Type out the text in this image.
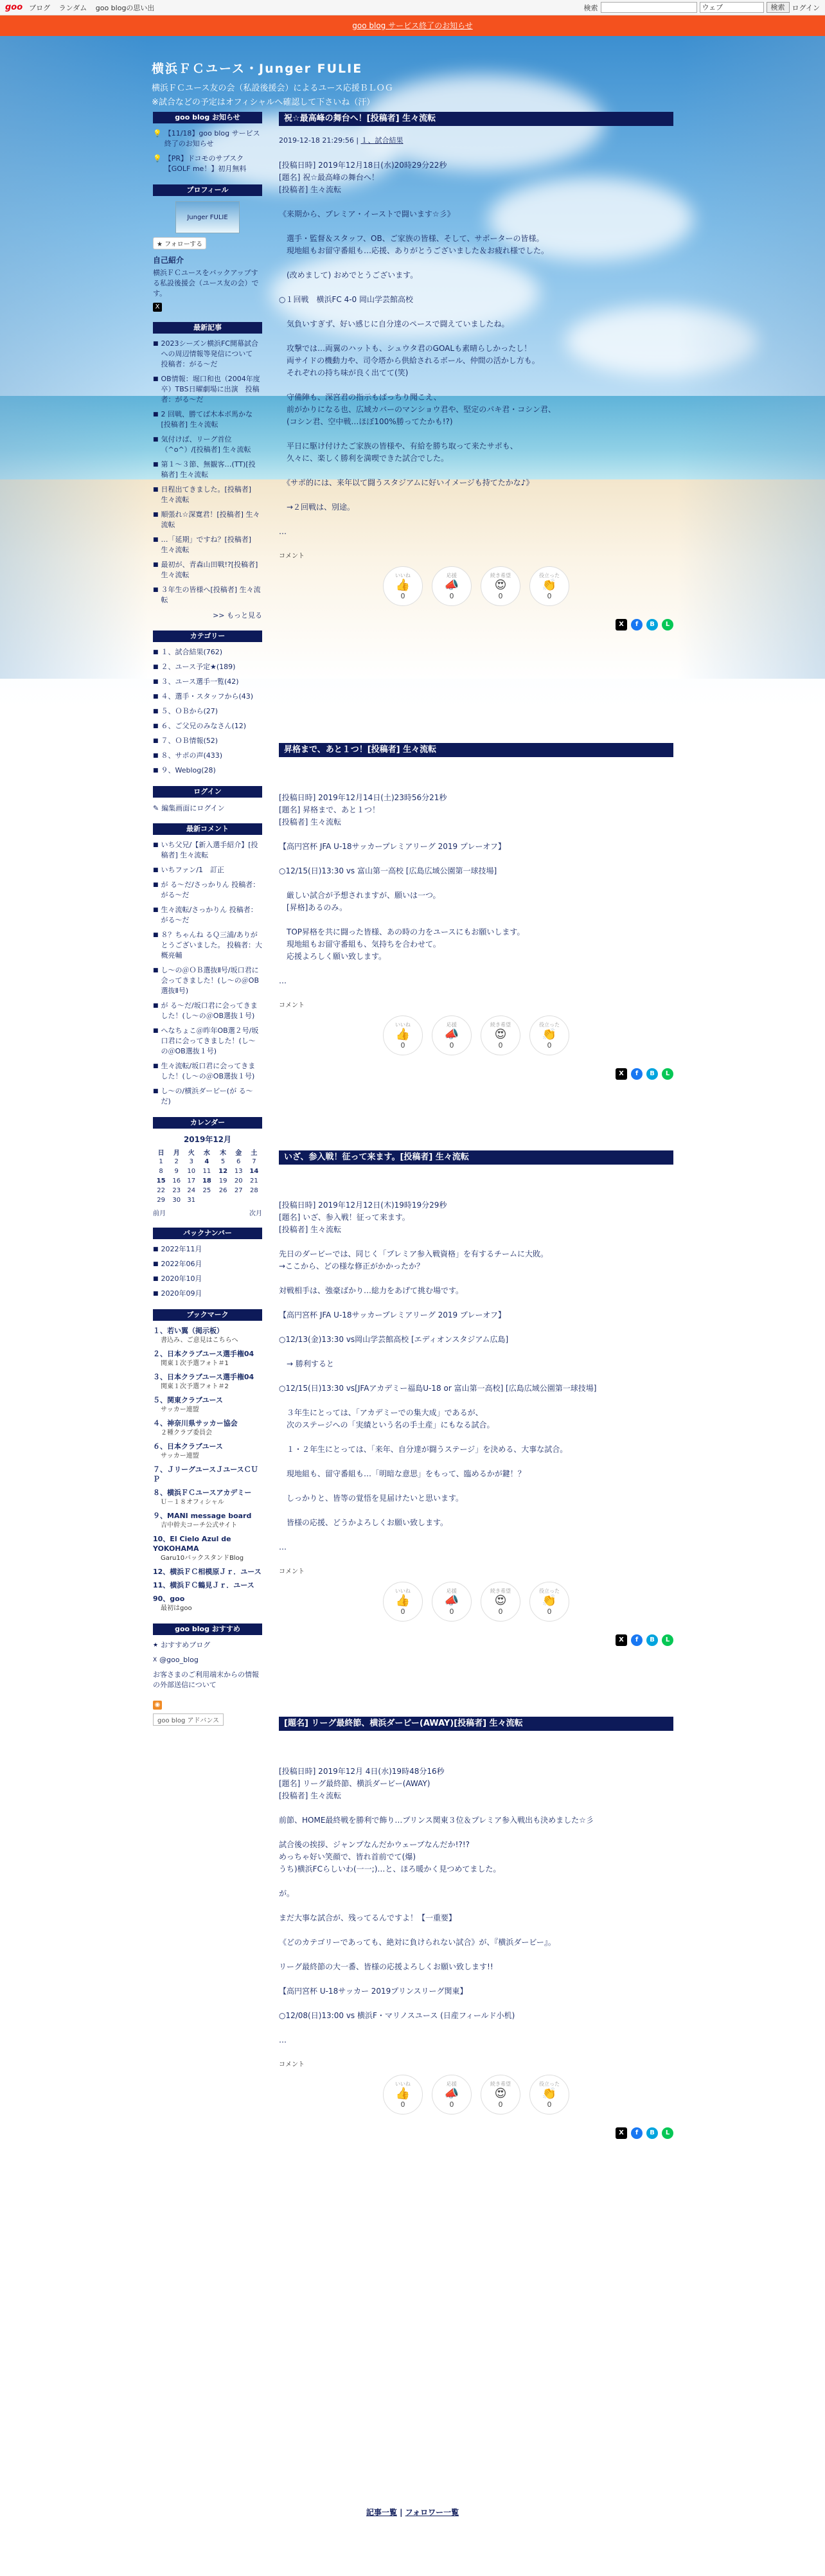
goo ブログ ランダム goo blogの思い出	検索	ウェブ	検索	ログイン
goo blog サービス終了のお知らせ
横浜ＦＣユース・Junger FULIE
横浜ＦＣユース友の会（私設後援会）によるユース応援ＢＬＯＧ
※試合などの予定はオフィシャルへ確認して下さいね（汗）
goo blog お知らせ
💡 【11/18】goo blog サービス終了のお知らせ
💡 【PR】ドコモのサブスク【GOLF me！】初月無料
プロフィール
Junger FULIE
★ フォローする
自己紹介
横浜ＦＣユースをバックアップする私設後援会（ユース友の会）です。
X
最新記事
■ 2023シーズン横浜FC開幕試合への周辺情報等発信について　投稿者：がる～だ
■ OB情報：堀口和也（2004年度卒）TBS日曜劇場に出演　投稿者：がる～だ
■ 2 回戦、勝てば木本ボ馬かな[投稿者] 生々流転
■ 気付けば、リーグ首位（^o^）/[投稿者] 生々流転
■ 第１～３節、無観客…(TT)[投稿者] 生々流転
■ 日程出てきました。[投稿者] 生々流転
■ 順張れ☆深寛君！[投稿者] 生々流転
■ …「延期」ですね？[投稿者] 生々流転
■ 最初が、青森山田戦!?[投稿者] 生々流転
■ ３年生の皆様へ[投稿者] 生々流転
>> もっと見る
カテゴリー
■ １、試合結果(762)
■ ２、ユース予定★(189)
■ ３、ユース選手一覧(42)
■ ４、選手・スタッフから(43)
■ ５、ＯＢから(27)
■ ６、ご父兄のみなさん(12)
■ ７、ＯＢ情報(52)
■ ８、サポの声(433)
■ ９、Weblog(28)
ログイン
✎ 編集画面にログイン
最新コメント
■ いち父兄/【新入選手紹介】[投稿者] 生々流転
■ いちファン/1　訂正
■ が る～だ/さっかりん 投稿者：がる～だ
■ 生々流転/さっかりん 投稿者：がる～だ
■ ８？ちゃんね るＱ三浦/ありがとうございました。 投稿者：大概亮輔
■ し～の＠ＯＢ選抜Ⅱ号/坂口君に会ってきました！(し～の＠OB選抜Ⅱ号)
■ が る～だ/坂口君に会ってきました！(し～の＠OB選抜１号)
■ へなちょこ＠昨年OB選２号/坂口君に会ってきました！(し～の＠OB選抜１号)
■ 生々流転/坂口君に会ってきました！(し～の＠OB選抜１号)
■ し～の/横浜ダービー(が る～だ)
カレンダー
2019年12月
日	月	火	水	木	金	土
1	2	3	4	5	6	7
8	9	10	11	12	13	14
15	16	17	18	19	20	21
22	23	24	25	26	27	28
29	30	31				
前月	次月
バックナンバー
■ 2022年11月
■ 2022年06月
■ 2020年10月
■ 2020年09月
ブックマーク
１、若い翼（掲示板）
書込み、ご意見はこちらへ
２、日本クラブユース選手権04
関東１次予選フォト＃1
３、日本クラブユース選手権04
関東１次予選フォト＃2
５、関東クラブユース
サッカー連盟
４、神奈川県サッカー協会
２種クラブ委員会
６、日本クラブユース
サッカー連盟
７、ＪリーグユースＪユースＣＵＰ
８、横浜ＦＣユースアカデミー
Ｕ－１８オフィシャル
９、MANI message board
吉中幹夫コーチ公式サイト
10、El Cielo Azul de YOKOHAMA
Garu10バックスタンドBlog
12、横浜ＦＣ相模原Ｊｒ．ユース
11、横浜ＦＣ鶴見Ｊｒ．ユース
90、goo
最初はgoo
goo blog おすすめ
★ おすすめブログ
X @goo_blog
お客さまのご利用端末からの情報の外部送信について
◉
goo blog アドバンス
祝☆最高峰の舞台へ！[投稿者] 生々流転
2019-12-18 21:29:56 | １、試合結果

[投稿日時] 2019年12月18日(水)20時29分22秒
[題名] 祝☆最高峰の舞台へ！
[投稿者] 生々流転

《来期から、プレミア・イーストで闘います☆彡》

　選手・監督＆スタッフ、OB、ご家族の皆様、そして、サポーターの皆様。
　現地組もお留守番組も…応援、ありがとうございました＆お疲れ様でした。

　(改めまして) おめでとうございます。

○１回戦　横浜FC 4-0 岡山学芸館高校

　気負いすぎず、好い感じに自分達のペースで闘えていましたね。

　攻撃では…両翼のハットも、シュウタ君のGOALも素晴らしかったし！
　両サイドの機動力や、司令塔から供給されるボール、仲間の活かし方も。
　それぞれの持ち味が良く出てて(笑)

　守備陣も、深宮君の指示もばっちり聞こえ、
　前がかりになる也、広域カバーのマンショウ君や、堅定のパキ君・コシン君、
　(コシン君、空中戦…ほぼ100%勝ってたかも!?)

　平日に駆け付けたご家族の皆様や、有給を勝ち取って来たサポも、
　久々に、楽しく勝利を満喫できた試合でした。

　《サポ的には、来年以て闘うスタジアムに好いイメージも持てたかな♪》

　→２回戦は、別途。

…

コメント
いいね
👍
0
応援
📣
0
続き希望
😍
0
役立った
👏
0
X	f	B	L
昇格まで、あと１つ！[投稿者] 生々流転

[投稿日時] 2019年12月14日(土)23時56分21秒
[題名] 昇格まで、あと１つ！
[投稿者] 生々流転

【高円宮杯 JFA U-18サッカープレミアリーグ 2019 プレーオフ】

○12/15(日)13:30 vs 富山第一高校 [広島広域公園第一球技場]

　厳しい試合が予想されますが、願いは一つ。
　[昇格]あるのみ。

　TOP昇格を共に闘った皆様、あの時の力をユースにもお願いします。
　現地組もお留守番組も、気持ちを合わせて。
　応援よろしく願い致します。

…

コメント
いいね
👍
0
応援
📣
0
続き希望
😍
0
役立った
👏
0
X	f	B	L
いざ、参入戦！征って来ます。[投稿者] 生々流転

[投稿日時] 2019年12月12日(木)19時19分29秒
[題名] いざ、参入戦！征って来ます。
[投稿者] 生々流転

先日のダービーでは、同じく「プレミア参入戦資格」を有するチームに大敗。
→ここから、どの様な修正がかかったか？

対戦相手は、強豪ばかり…総力をあげて挑む場です。

【高円宮杯 JFA U-18サッカープレミアリーグ 2019 プレーオフ】

○12/13(金)13:30 vs岡山学芸館高校 [エディオンスタジアム広島]

　→ 勝利すると

○12/15(日)13:30 vs[JFAアカデミー福島U-18 or 富山第一高校] [広島広域公園第一球技場]

　３年生にとっては、「アカデミーでの集大成」であるが、
　次のステージへの「実績という名の手土産」にもなる試合。

　１・２年生にとっては、「来年、自分達が闘うステージ」を決める、大事な試合。

　現地組も、留守番組も…「明暗な意思」をもって、臨めるかが鍵！？

　しっかりと、皆等の覚悟を見届けたいと思います。

　皆様の応援、どうかよろしくお願い致します。

…

コメント
いいね
👍
0
応援
📣
0
続き希望
😍
0
役立った
👏
0
X	f	B	L
[題名] リーグ最終節、横浜ダービー(AWAY)[投稿者] 生々流転

[投稿日時] 2019年12月 4日(水)19時48分16秒
[題名] リーグ最終節、横浜ダービー(AWAY)
[投稿者] 生々流転

前節、HOME最終戦を勝利で飾り…プリンス関東３位＆プレミア参入戦出も決めました☆彡

試合後の挨拶、ジャンプなんだかウェーブなんだか!?!?
めっちゃ好い笑顔で、皆れ首前でて(爆)
うち)横浜FCらしいわ(一一;)…と、ほろ暖かく見つめてました。

が。

まだ大事な試合が、残ってるんですよ！【一重要】

《どのカテゴリーであっても、絶対に負けられない試合》が、『横浜ダービー』。

リーグ最終節の大一番、皆様の応援よろしくお願い致します!!

【高円宮杯 U-18サッカー 2019プリンスリーグ関東】

○12/08(日)13:00 vs 横浜F・マリノスユース (日産フィールド小机)

…

コメント
いいね
👍
0
応援
📣
0
続き希望
😍
0
役立った
👏
0
X	f	B	L
記事一覧 | フォロワー一覧
